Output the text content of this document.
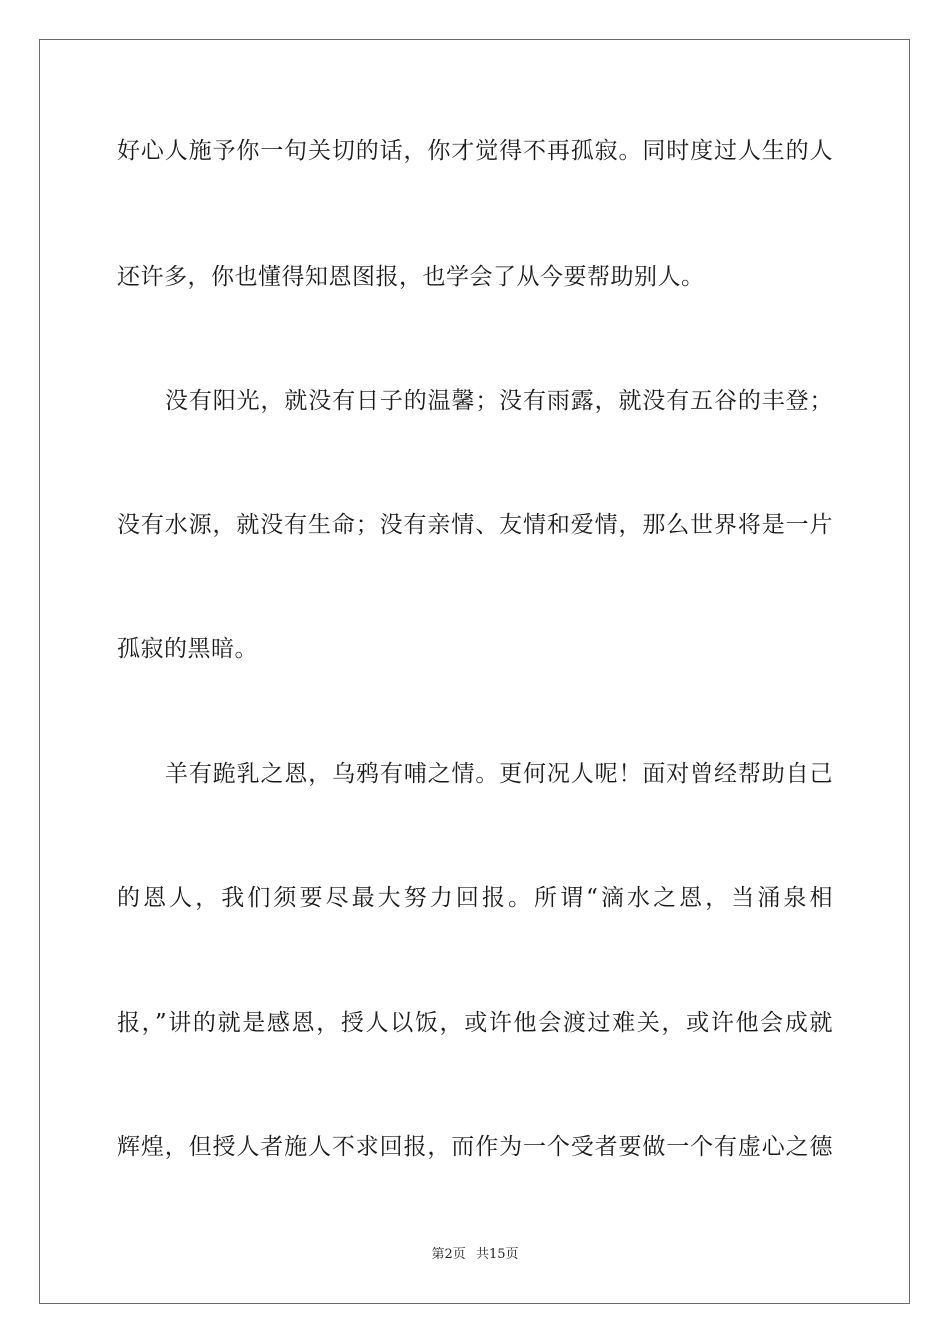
好心人施予你一句关切的话，你才觉得不再孤寂。同时度过人生的人
还许多，你也懂得知恩图报，也学会了从今要帮助别人。
没有阳光，就没有日子的温馨；没有雨露，就没有五谷的丰登；
没有水源，就没有生命；没有亲情、友情和爱情，那么世界将是一片
孤寂的黑暗。
羊有跪乳之恩，乌鸦有哺之情。更何况人呢！面对曾经帮助自己
的恩人，我们须要尽最大努力回报。所谓“滴水之恩，当涌泉相
报，”讲的就是感恩，授人以饭，或许他会渡过难关，或许他会成就
辉煌，但授人者施人不求回报，而作为一个受者要做一个有虚心之德
第2页 共15页
